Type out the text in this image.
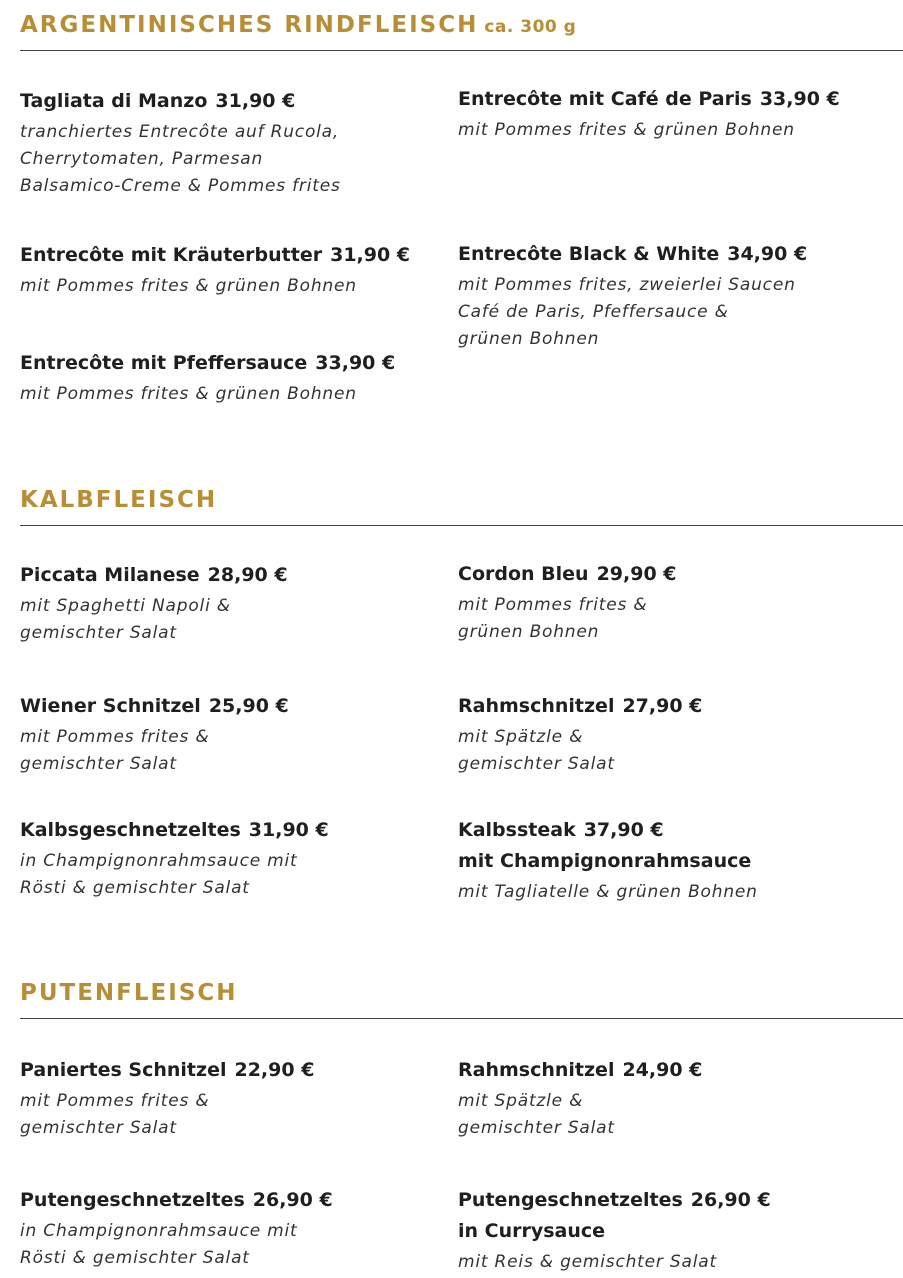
ARGENTINISCHES RINDFLEISCH ca. 300 g
Tagliata di Manzo 31,90 €
tranchiertes Entrecôte auf Rucola,
Cherrytomaten, Parmesan
Balsamico-Creme & Pommes frites
Entrecôte mit Café de Paris 33,90 €
mit Pommes frites & grünen Bohnen
Entrecôte mit Kräuterbutter 31,90 €
mit Pommes frites & grünen Bohnen
Entrecôte Black & White 34,90 €
mit Pommes frites, zweierlei Saucen
Café de Paris, Pfeffersauce &
grünen Bohnen
Entrecôte mit Pfeffersauce 33,90 €
mit Pommes frites & grünen Bohnen
KALBFLEISCH
Piccata Milanese 28,90 €
mit Spaghetti Napoli &
gemischter Salat
Cordon Bleu 29,90 €
mit Pommes frites &
grünen Bohnen
Wiener Schnitzel 25,90 €
mit Pommes frites &
gemischter Salat
Rahmschnitzel 27,90 €
mit Spätzle &
gemischter Salat
Kalbsgeschnetzeltes 31,90 €
in Champignonrahmsauce mit
Rösti & gemischter Salat
Kalbssteak 37,90 €
mit Champignonrahmsauce
mit Tagliatelle & grünen Bohnen
PUTENFLEISCH
Paniertes Schnitzel 22,90 €
mit Pommes frites &
gemischter Salat
Rahmschnitzel 24,90 €
mit Spätzle &
gemischter Salat
Putengeschnetzeltes 26,90 €
in Champignonrahmsauce mit
Rösti & gemischter Salat
Putengeschnetzeltes 26,90 €
in Currysauce
mit Reis & gemischter Salat
